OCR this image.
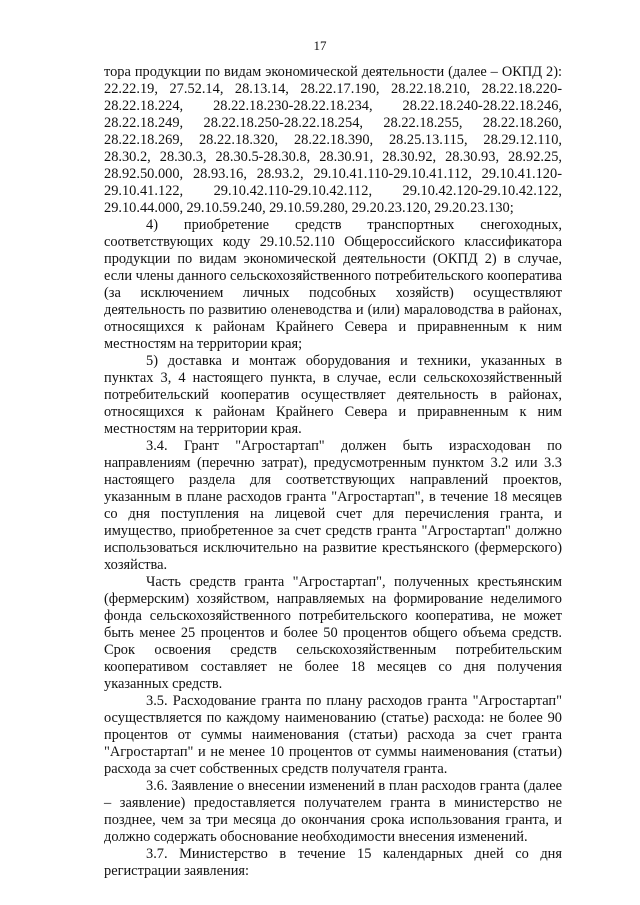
17

тора продукции по видам экономической деятельности (далее – ОКПД 2): 22.22.19, 27.52.14, 28.13.14, 28.22.17.190, 28.22.18.210, 28.22.18.220-28.22.18.224, 28.22.18.230-28.22.18.234, 28.22.18.240-28.22.18.246, 28.22.18.249, 28.22.18.250-28.22.18.254, 28.22.18.255, 28.22.18.260, 28.22.18.269, 28.22.18.320, 28.22.18.390, 28.25.13.115, 28.29.12.110, 28.30.2, 28.30.3, 28.30.5-28.30.8, 28.30.91, 28.30.92, 28.30.93, 28.92.25, 28.92.50.000, 28.93.16, 28.93.2, 29.10.41.110-29.10.41.112, 29.10.41.120-29.10.41.122, 29.10.42.110-29.10.42.112, 29.10.42.120-29.10.42.122, 29.10.44.000, 29.10.59.240, 29.10.59.280, 29.20.23.120, 29.20.23.130;

4) приобретение средств транспортных снегоходных, соответствующих коду 29.10.52.110 Общероссийского классификатора продукции по видам экономической деятельности (ОКПД 2) в случае, если члены данного сельскохозяйственного потребительского кооператива (за исключением личных подсобных хозяйств) осуществляют деятельность по развитию оленеводства и (или) мараловодства в районах, относящихся к районам Крайнего Севера и приравненным к ним местностям на территории края;

5) доставка и монтаж оборудования и техники, указанных в пунктах 3, 4 настоящего пункта, в случае, если сельскохозяйственный потребительский кооператив осуществляет деятельность в районах, относящихся к районам Крайнего Севера и приравненным к ним местностям на территории края.

3.4. Грант "Агростартап" должен быть израсходован по направлениям (перечню затрат), предусмотренным пунктом 3.2 или 3.3 настоящего раздела для соответствующих направлений проектов, указанным в плане расходов гранта "Агростартап", в течение 18 месяцев со дня поступления на лицевой счет для перечисления гранта, и имущество, приобретенное за счет средств гранта "Агростартап" должно использоваться исключительно на развитие крестьянского (фермерского) хозяйства.

Часть средств гранта "Агростартап", полученных крестьянским (фермерским) хозяйством, направляемых на формирование неделимого фонда сельскохозяйственного потребительского кооператива, не может быть менее 25 процентов и более 50 процентов общего объема средств. Срок освоения средств сельскохозяйственным потребительским кооперативом составляет не более 18 месяцев со дня получения указанных средств.

3.5. Расходование гранта по плану расходов гранта "Агростартап" осуществляется по каждому наименованию (статье) расхода: не более 90 процентов от суммы наименования (статьи) расхода за счет гранта "Агростартап" и не менее 10 процентов от суммы наименования (статьи) расхода за счет собственных средств получателя гранта.

3.6. Заявление о внесении изменений в план расходов гранта (далее – заявление) предоставляется получателем гранта в министерство не позднее, чем за три месяца до окончания срока использования гранта, и должно содержать обоснование необходимости внесения изменений.

3.7. Министерство в течение 15 календарных дней со дня регистрации заявления:
